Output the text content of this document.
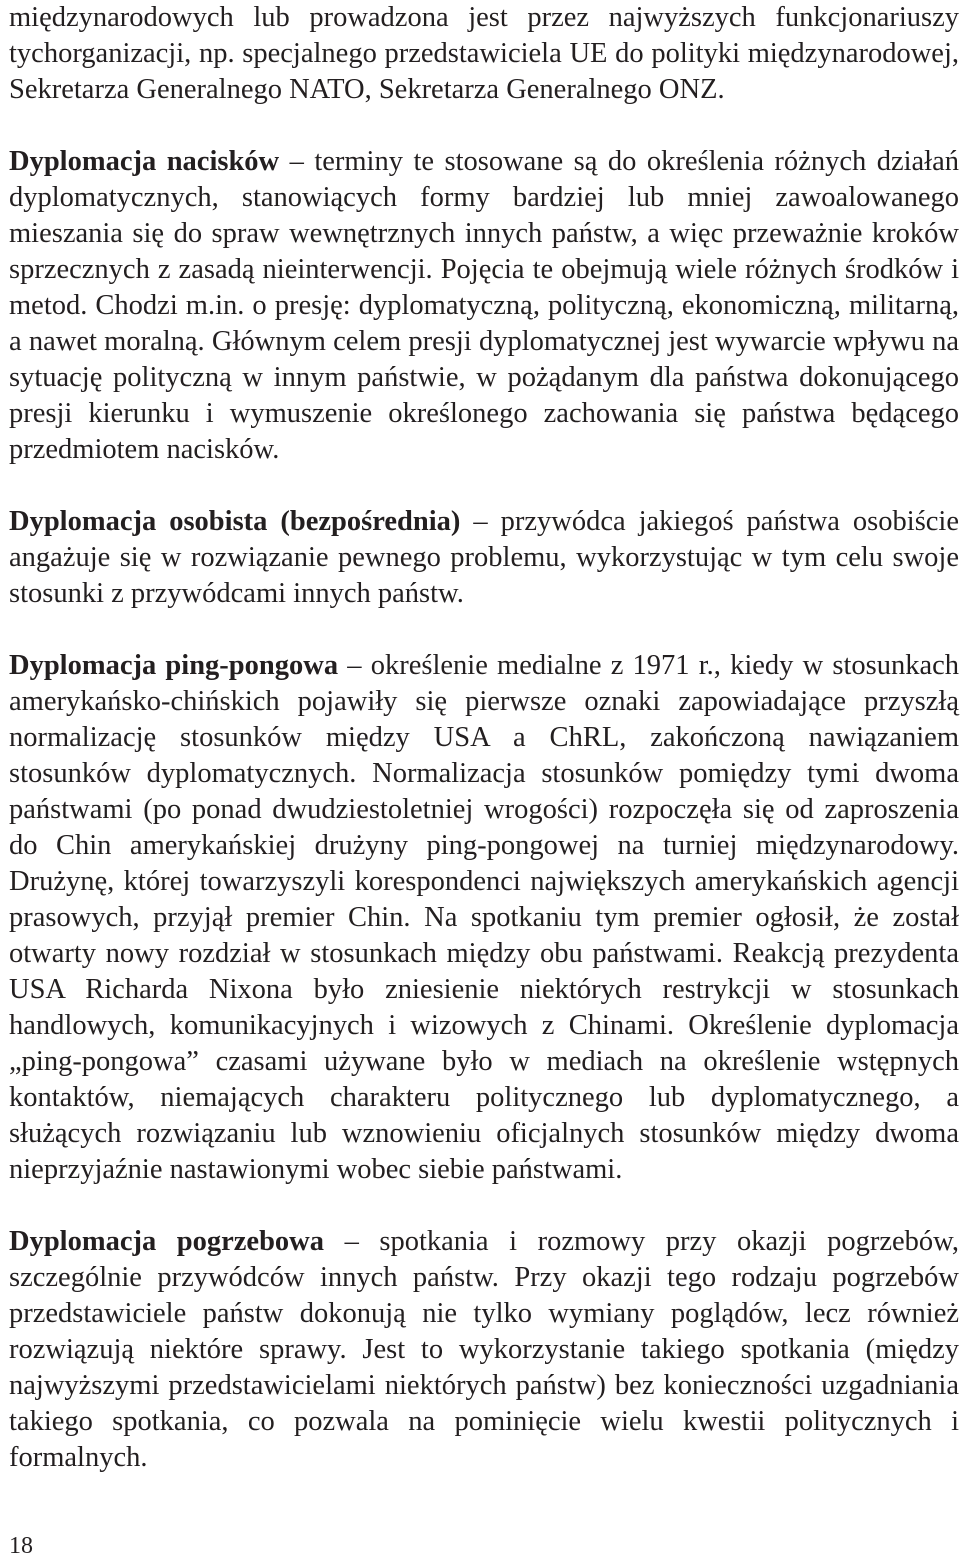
międzynarodowych lub prowadzona jest przez najwyższych funkcjonariuszy tychorganizacji, np. specjalnego przedstawiciela UE do polityki międzynarodowej, Sekretarza Generalnego NATO, Sekretarza Generalnego ONZ.

Dyplomacja nacisków – terminy te stosowane są do określenia różnych działań dyplomatycznych, stanowiących formy bardziej lub mniej zawoalowanego mieszania się do spraw wewnętrznych innych państw, a więc przeważnie kroków sprzecznych z zasadą nieinterwencji. Pojęcia te obejmują wiele różnych środków i metod. Chodzi m.in. o presję: dyplomatyczną, polityczną, ekonomiczną, militarną, a nawet moralną. Głównym celem presji dyplomatycznej jest wywarcie wpływu na sytuację polityczną w innym państwie, w pożądanym dla państwa dokonującego presji kierunku i wymuszenie określonego zachowania się państwa będącego przedmiotem nacisków.

Dyplomacja osobista (bezpośrednia) – przywódca jakiegoś państwa osobiście angażuje się w rozwiązanie pewnego problemu, wykorzystując w tym celu swoje stosunki z przywódcami innych państw.

Dyplomacja ping-pongowa – określenie medialne z 1971 r., kiedy w stosunkach amerykańsko-chińskich pojawiły się pierwsze oznaki zapowiadające przyszłą normalizację stosunków między USA a ChRL, zakończoną nawiązaniem stosunków dyplomatycznych. Normalizacja stosunków pomiędzy tymi dwoma państwami (po ponad dwudziestoletniej wrogości) rozpoczęła się od zaproszenia do Chin amerykańskiej drużyny ping-pongowej na turniej międzynarodowy. Drużynę, której towarzyszyli korespondenci największych amerykańskich agencji prasowych, przyjął premier Chin. Na spotkaniu tym premier ogłosił, że został otwarty nowy rozdział w stosunkach między obu państwami. Reakcją prezydenta USA Richarda Nixona było zniesienie niektórych restrykcji w stosunkach handlowych, komunikacyjnych i wizowych z Chinami. Określenie dyplomacja „ping-pongowa” czasami używane było w mediach na określenie wstępnych kontaktów, niemających charakteru politycznego lub dyplomatycznego, a służących rozwiązaniu lub wznowieniu oficjalnych stosunków między dwoma nieprzyjaźnie nastawionymi wobec siebie państwami.

Dyplomacja pogrzebowa – spotkania i rozmowy przy okazji pogrzebów, szczególnie przywódców innych państw. Przy okazji tego rodzaju pogrzebów przedstawiciele państw dokonują nie tylko wymiany poglądów, lecz również rozwiązują niektóre sprawy. Jest to wykorzystanie takiego spotkania (między najwyższymi przedstawicielami niektórych państw) bez konieczności uzgadniania takiego spotkania, co pozwala na pominięcie wielu kwestii politycznych i formalnych.

18
